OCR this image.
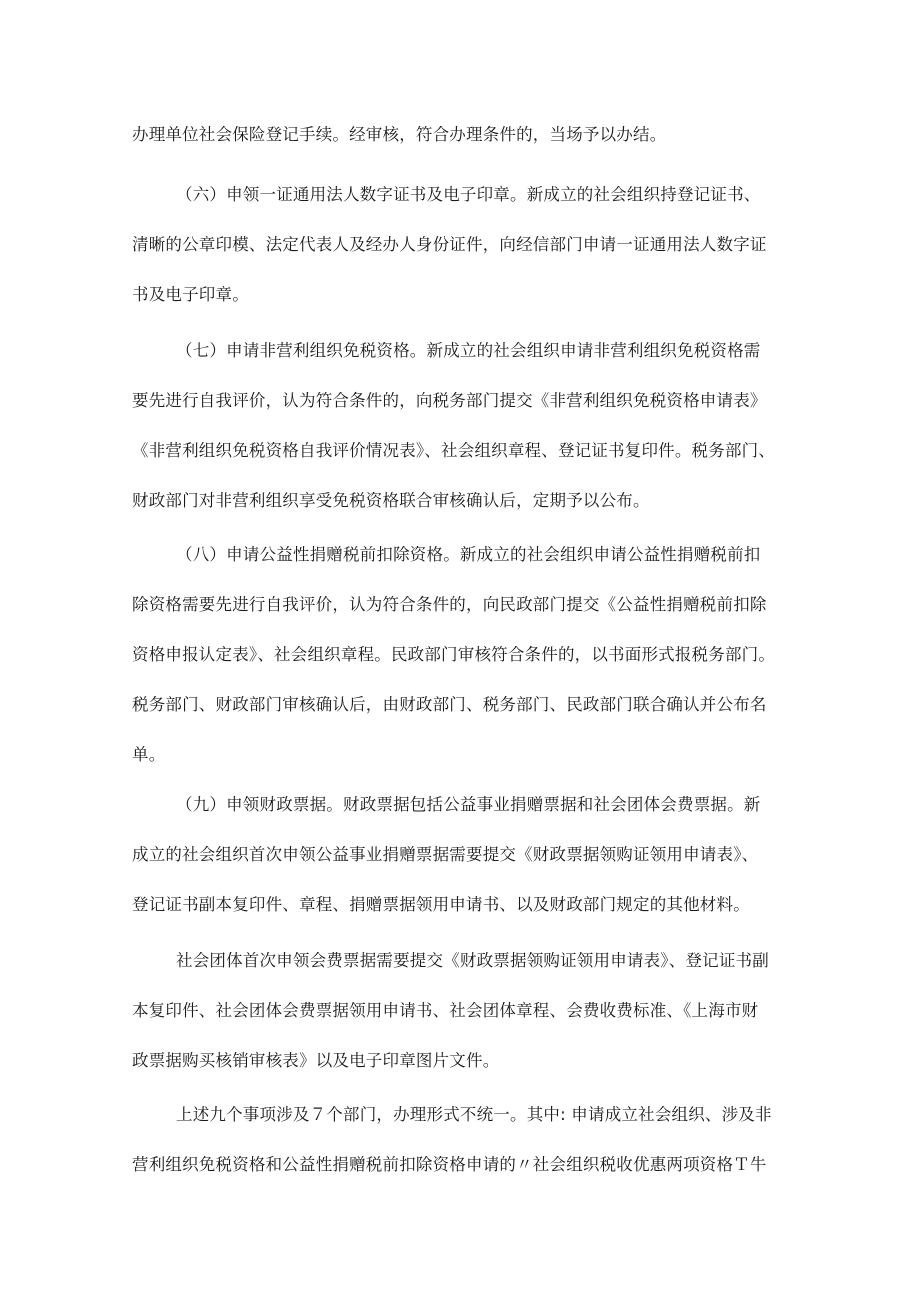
办理单位社会保险登记手续。经审核，符合办理条件的，当场予以办结。
（六）申领一证通用法人数字证书及电子印章。新成立的社会组织持登记证书、
清晰的公章印模、法定代表人及经办人身份证件，向经信部门申请一证通用法人数字证
书及电子印章。
（七）申请非营利组织免税资格。新成立的社会组织申请非营利组织免税资格需
要先进行自我评价，认为符合条件的，向税务部门提交《非营利组织免税资格申请表》
《非营利组织免税资格自我评价情况表》、社会组织章程、登记证书复印件。税务部门、
财政部门对非营利组织享受免税资格联合审核确认后，定期予以公布。
（八）申请公益性捐赠税前扣除资格。新成立的社会组织申请公益性捐赠税前扣
除资格需要先进行自我评价，认为符合条件的，向民政部门提交《公益性捐赠税前扣除
资格申报认定表》、社会组织章程。民政部门审核符合条件的，以书面形式报税务部门。
税务部门、财政部门审核确认后，由财政部门、税务部门、民政部门联合确认并公布名
单。
（九）申领财政票据。财政票据包括公益事业捐赠票据和社会团体会费票据。新
成立的社会组织首次申领公益事业捐赠票据需要提交《财政票据领购证领用申请表》、
登记证书副本复印件、章程、捐赠票据领用申请书、以及财政部门规定的其他材料。
社会团体首次申领会费票据需要提交《财政票据领购证领用申请表》、登记证书副
本复印件、社会团体会费票据领用申请书、社会团体章程、会费收费标准、《上海市财
政票据购买核销审核表》以及电子印章图片文件。
上述九个事项涉及７个部门，办理形式不统一。其中: 申请成立社会组织、涉及非
营利组织免税资格和公益性捐赠税前扣除资格申请的〃社会组织税收优惠两项资格Ｔ牛
